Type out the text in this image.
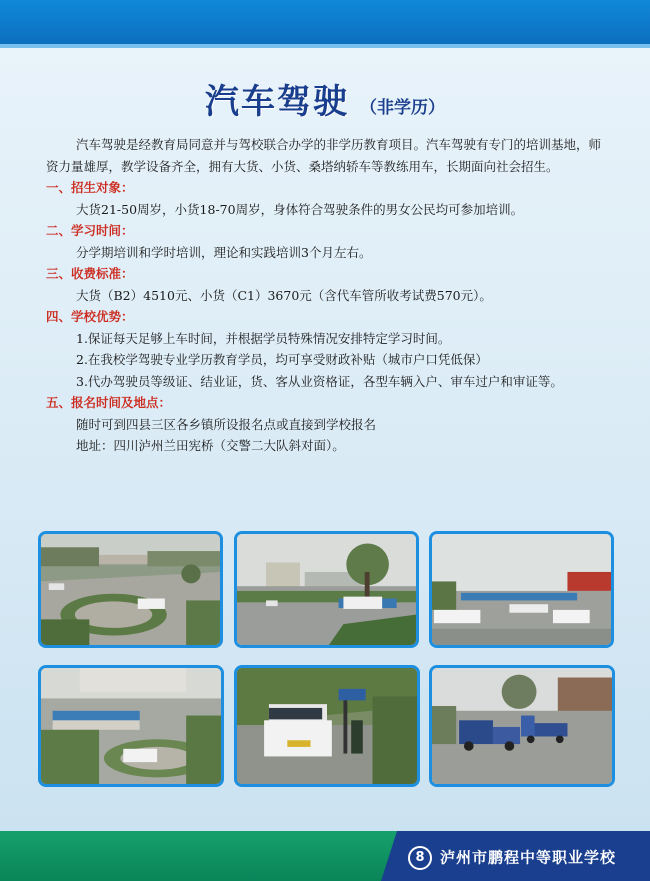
汽车驾驶 （非学历）

汽车驾驶是经教育局同意并与驾校联合办学的非学历教育项目。汽车驾驶有专门的培训基地，师资力量雄厚，教学设备齐全，拥有大货、小货、桑塔纳轿车等教练用车，长期面向社会招生。

一、招生对象：

大货21-50周岁，小货18-70周岁，身体符合驾驶条件的男女公民均可参加培训。

二、学习时间：

分学期培训和学时培训，理论和实践培训3个月左右。

三、收费标准：

大货（B2）4510元、小货（C1）3670元（含代车管所收考试费570元）。

四、学校优势：

1.保证每天足够上车时间，并根据学员特殊情况安排特定学习时间。

2.在我校学驾驶专业学历教育学员，均可享受财政补贴（城市户口凭低保）

3.代办驾驶员等级证、结业证，货、客从业资格证，各型车辆入户、审车过户和审证等。

五、报名时间及地点：

随时可到四县三区各乡镇所设报名点或直接到学校报名

地址：四川泸州兰田宪桥（交警二大队斜对面）。

8 泸州市鹏程中等职业学校
